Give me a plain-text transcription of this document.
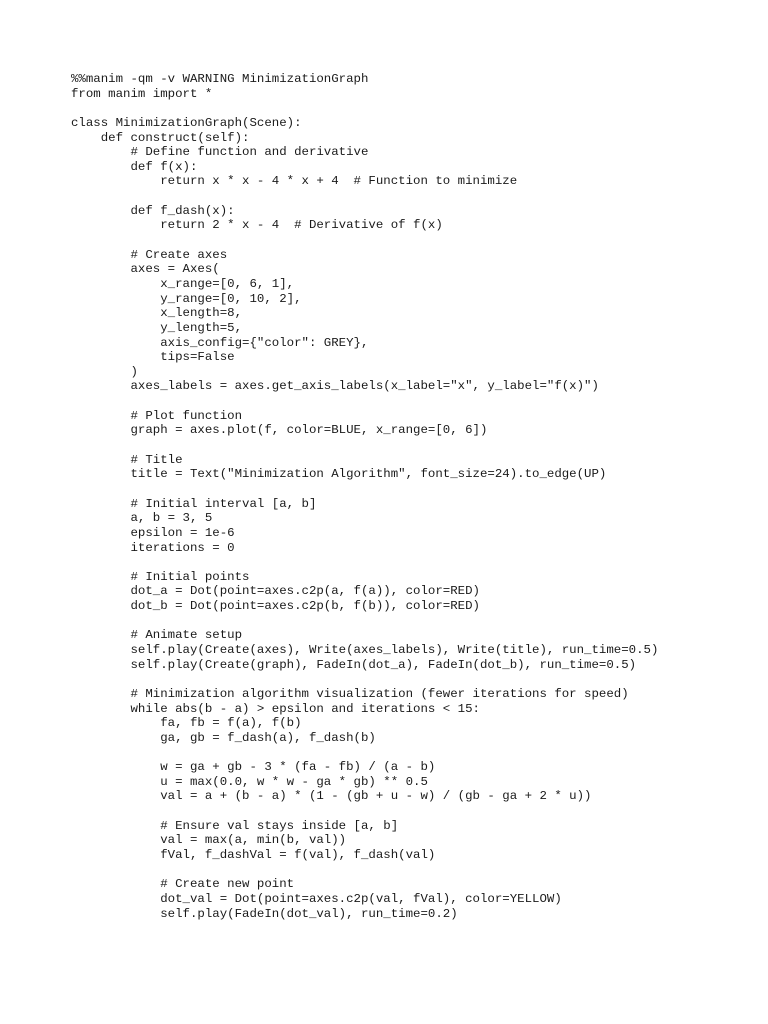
%%manim -qm -v WARNING MinimizationGraph
from manim import *
class MinimizationGraph(Scene):
def construct(self):
# Define function and derivative
def f(x):
return x * x - 4 * x + 4  # Function to minimize
def f_dash(x):
return 2 * x - 4  # Derivative of f(x)
# Create axes
axes = Axes(
x_range=[0, 6, 1],
y_range=[0, 10, 2],
x_length=8,
y_length=5,
axis_config={"color": GREY},
tips=False
)
axes_labels = axes.get_axis_labels(x_label="x", y_label="f(x)")
# Plot function
graph = axes.plot(f, color=BLUE, x_range=[0, 6])
# Title
title = Text("Minimization Algorithm", font_size=24).to_edge(UP)
# Initial interval [a, b]
a, b = 3, 5
epsilon = 1e-6
iterations = 0
# Initial points
dot_a = Dot(point=axes.c2p(a, f(a)), color=RED)
dot_b = Dot(point=axes.c2p(b, f(b)), color=RED)
# Animate setup
self.play(Create(axes), Write(axes_labels), Write(title), run_time=0.5)
self.play(Create(graph), FadeIn(dot_a), FadeIn(dot_b), run_time=0.5)
# Minimization algorithm visualization (fewer iterations for speed)
while abs(b - a) > epsilon and iterations < 15:
fa, fb = f(a), f(b)
ga, gb = f_dash(a), f_dash(b)
w = ga + gb - 3 * (fa - fb) / (a - b)
u = max(0.0, w * w - ga * gb) ** 0.5
val = a + (b - a) * (1 - (gb + u - w) / (gb - ga + 2 * u))
# Ensure val stays inside [a, b]
val = max(a, min(b, val))
fVal, f_dashVal = f(val), f_dash(val)
# Create new point
dot_val = Dot(point=axes.c2p(val, fVal), color=YELLOW)
self.play(FadeIn(dot_val), run_time=0.2)
